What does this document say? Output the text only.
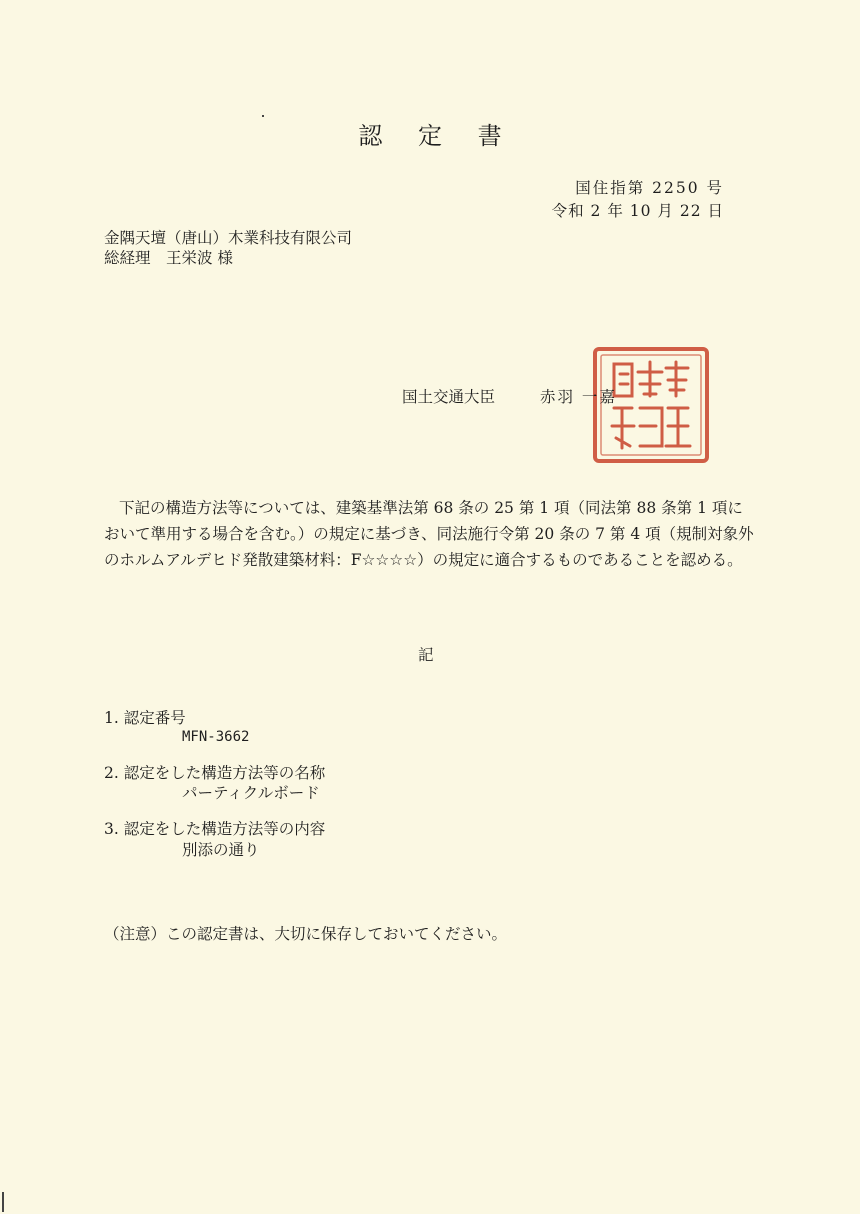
認 定 書
国住指第 2250 号
令和 2 年 10 月 22 日
金隅天壇（唐山）木業科技有限公司
総経理　王栄波 様
国土交通大臣	赤羽 一嘉
下記の構造方法等については、建築基準法第 68 条の 25 第 1 項（同法第 88 条第 1 項において準用する場合を含む。）の規定に基づき、同法施行令第 20 条の 7 第 4 項（規制対象外のホルムアルデヒド発散建築材料：F☆☆☆☆）の規定に適合するものであることを認める。
記
1. 認定番号
MFN-3662
2. 認定をした構造方法等の名称
パーティクルボード
3. 認定をした構造方法等の内容
別添の通り
（注意）この認定書は、大切に保存しておいてください。
